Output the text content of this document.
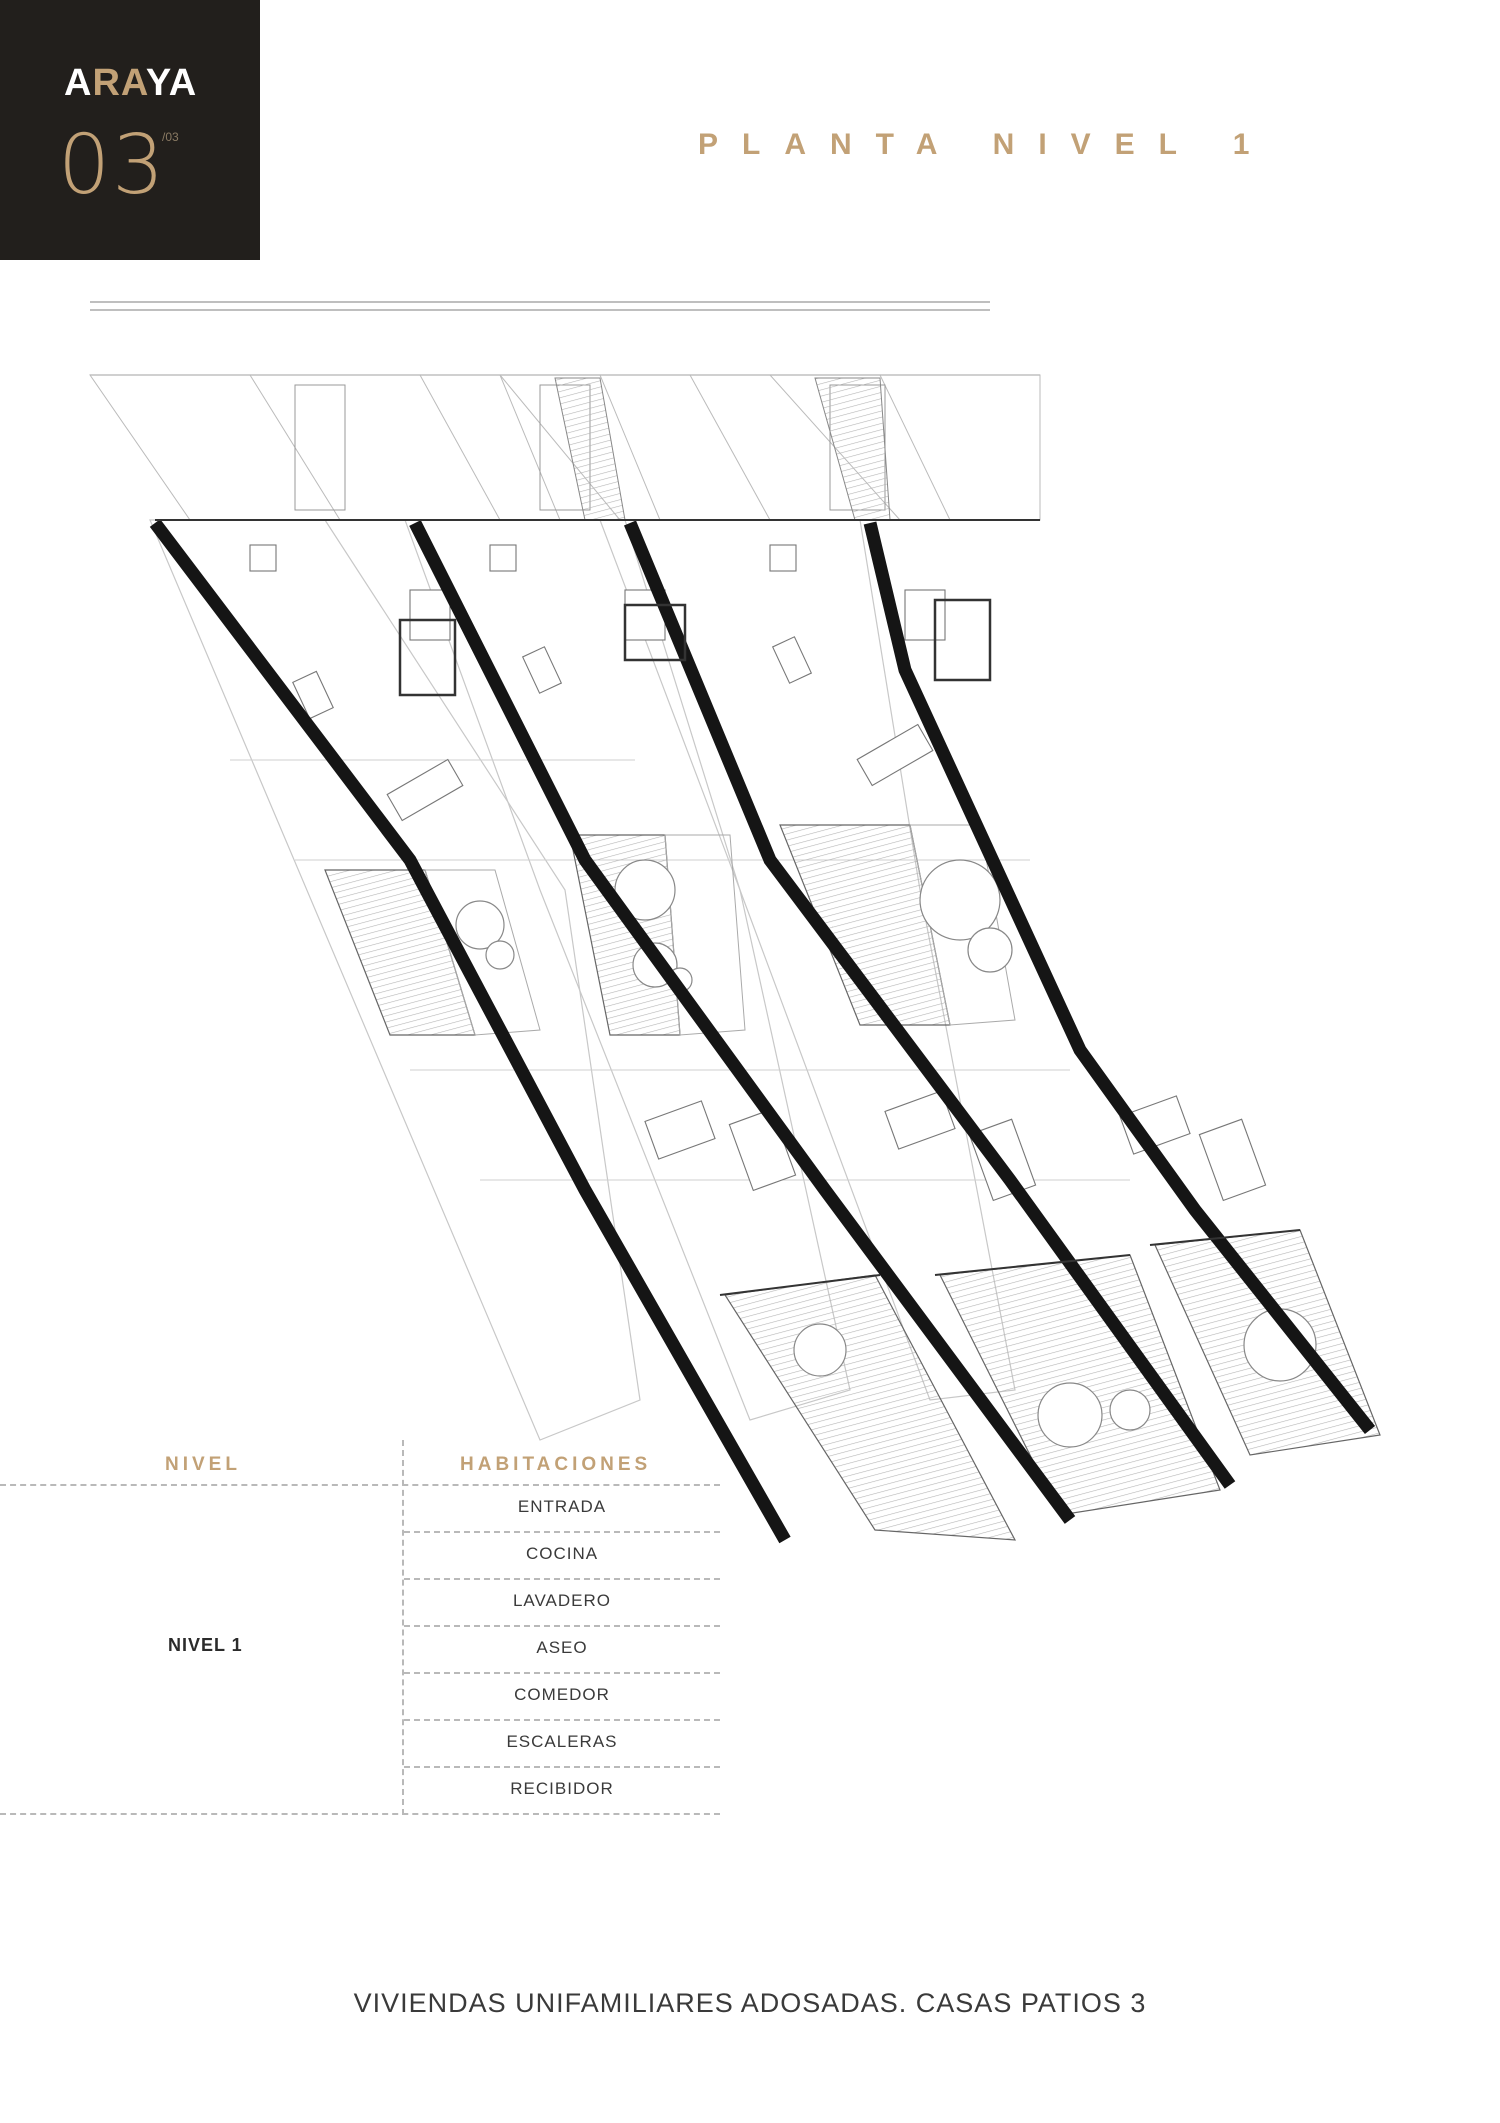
ARAYA
03
/03	PLANTA NIVEL 1
NIVEL	HABITACIONES
NIVEL 1
ENTRADA
COCINA
LAVADERO
ASEO
COMEDOR
ESCALERAS
RECIBIDOR
VIVIENDAS UNIFAMILIARES ADOSADAS. CASAS PATIOS 3
